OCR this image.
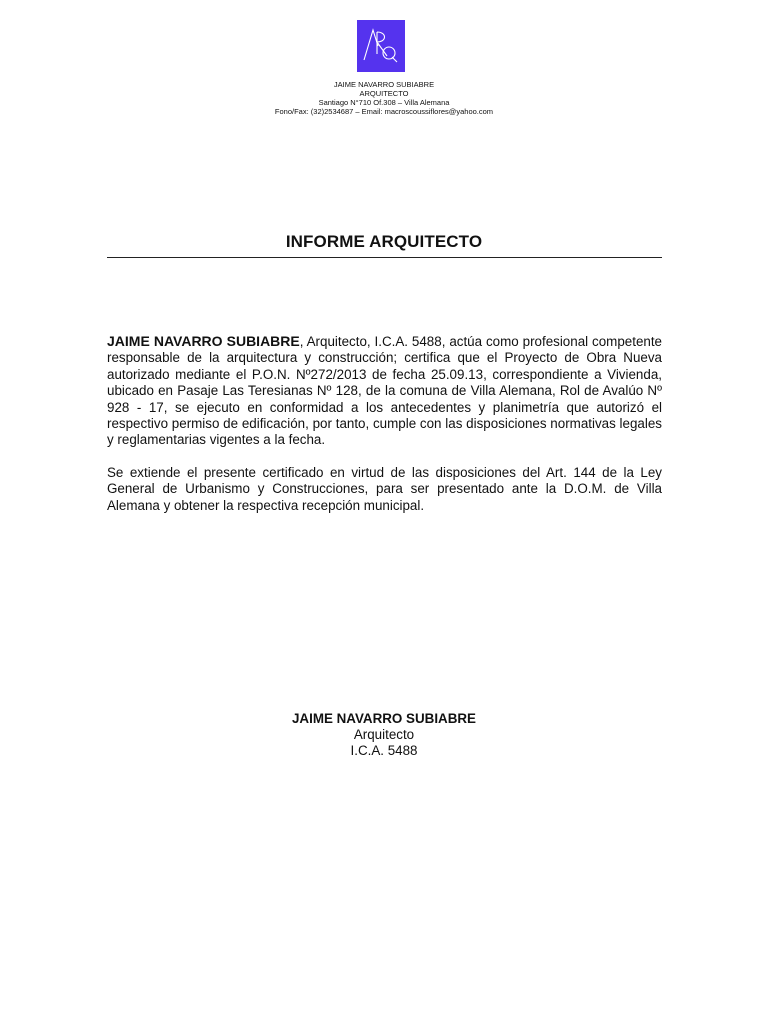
JAIME NAVARRO SUBIABRE
ARQUITECTO
Santiago N°710 Of.308 – Villa Alemana
Fono/Fax: (32)2534687 – Email: macroscoussiflores@yahoo.com
INFORME ARQUITECTO

JAIME NAVARRO SUBIABRE, Arquitecto, I.C.A. 5488, actúa como profesional competente responsable de la arquitectura y construcción; certifica que el Proyecto de Obra Nueva autorizado mediante el P.O.N. Nº272/2013 de fecha 25.09.13, correspondiente a Vivienda, ubicado en Pasaje Las Teresianas Nº 128, de la comuna de Villa Alemana, Rol de Avalúo Nº 928 - 17, se ejecuto en conformidad a los antecedentes y planimetría que autorizó el respectivo permiso de edificación, por tanto, cumple con las disposiciones normativas legales y reglamentarias vigentes a la fecha.

Se extiende el presente certificado en virtud de las disposiciones del Art. 144 de la Ley General de Urbanismo y Construcciones, para ser presentado ante la D.O.M. de Villa Alemana y obtener la respectiva recepción municipal.

JAIME NAVARRO SUBIABRE
Arquitecto
I.C.A. 5488
